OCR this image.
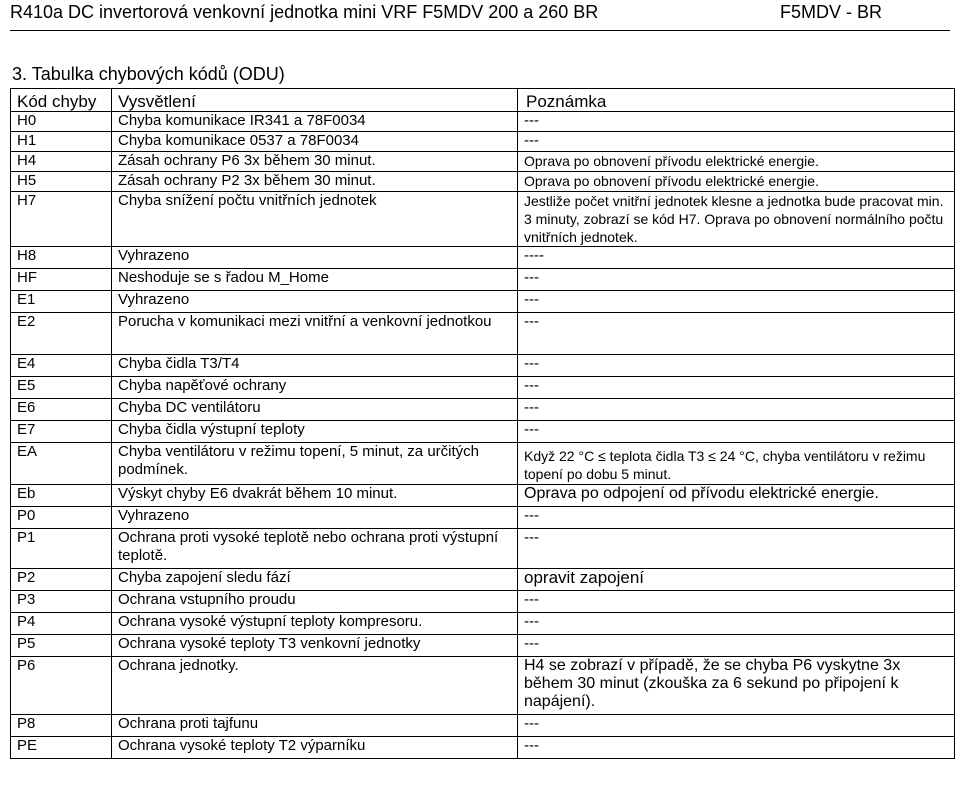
R410a DC invertorová venkovní jednotka mini VRF F5MDV 200 a 260 BR	F5MDV - BR
3. Tabulka chybových kódů (ODU)
Kód chyby	Vysvětlení	Poznámka
H0	Chyba komunikace IR341 a 78F0034	---
H1	Chyba komunikace 0537 a 78F0034	---
H4	Zásah ochrany P6 3x během 30 minut.	Oprava po obnovení přívodu elektrické energie.
H5	Zásah ochrany P2 3x během 30 minut.	Oprava po obnovení přívodu elektrické energie.
H7	Chyba snížení počtu vnitřních jednotek	Jestliže počet vnitřní jednotek klesne a jednotka bude pracovat min. 3 minuty, zobrazí se kód H7. Oprava po obnovení normálního počtu vnitřních jednotek.
H8	Vyhrazeno	----
HF	Neshoduje se s řadou M_Home	---
E1	Vyhrazeno	---
E2	Porucha v komunikaci mezi vnitřní a venkovní jednotkou	---
E4	Chyba čidla T3/T4	---
E5	Chyba napěťové ochrany	---
E6	Chyba DC ventilátoru	---
E7	Chyba čidla výstupní teploty	---
EA	Chyba ventilátoru v režimu topení, 5 minut, za určitých podmínek.	Když 22 °C ≤ teplota čidla T3 ≤ 24 °C, chyba ventilátoru v režimu topení po dobu 5 minut.
Eb	Výskyt chyby E6 dvakrát během 10 minut.	Oprava po odpojení od přívodu elektrické energie.
P0	Vyhrazeno	---
P1	Ochrana proti vysoké teplotě nebo ochrana proti výstupní teplotě.	---
P2	Chyba zapojení sledu fází	opravit zapojení
P3	Ochrana vstupního proudu	---
P4	Ochrana vysoké výstupní teploty kompresoru.	---
P5	Ochrana vysoké teploty T3 venkovní jednotky	---
P6	Ochrana jednotky.	H4 se zobrazí v případě, že se chyba P6 vyskytne 3x během 30 minut (zkouška za 6 sekund po připojení k napájení).
P8	Ochrana proti tajfunu	---
PE	Ochrana vysoké teploty T2 výparníku	---
